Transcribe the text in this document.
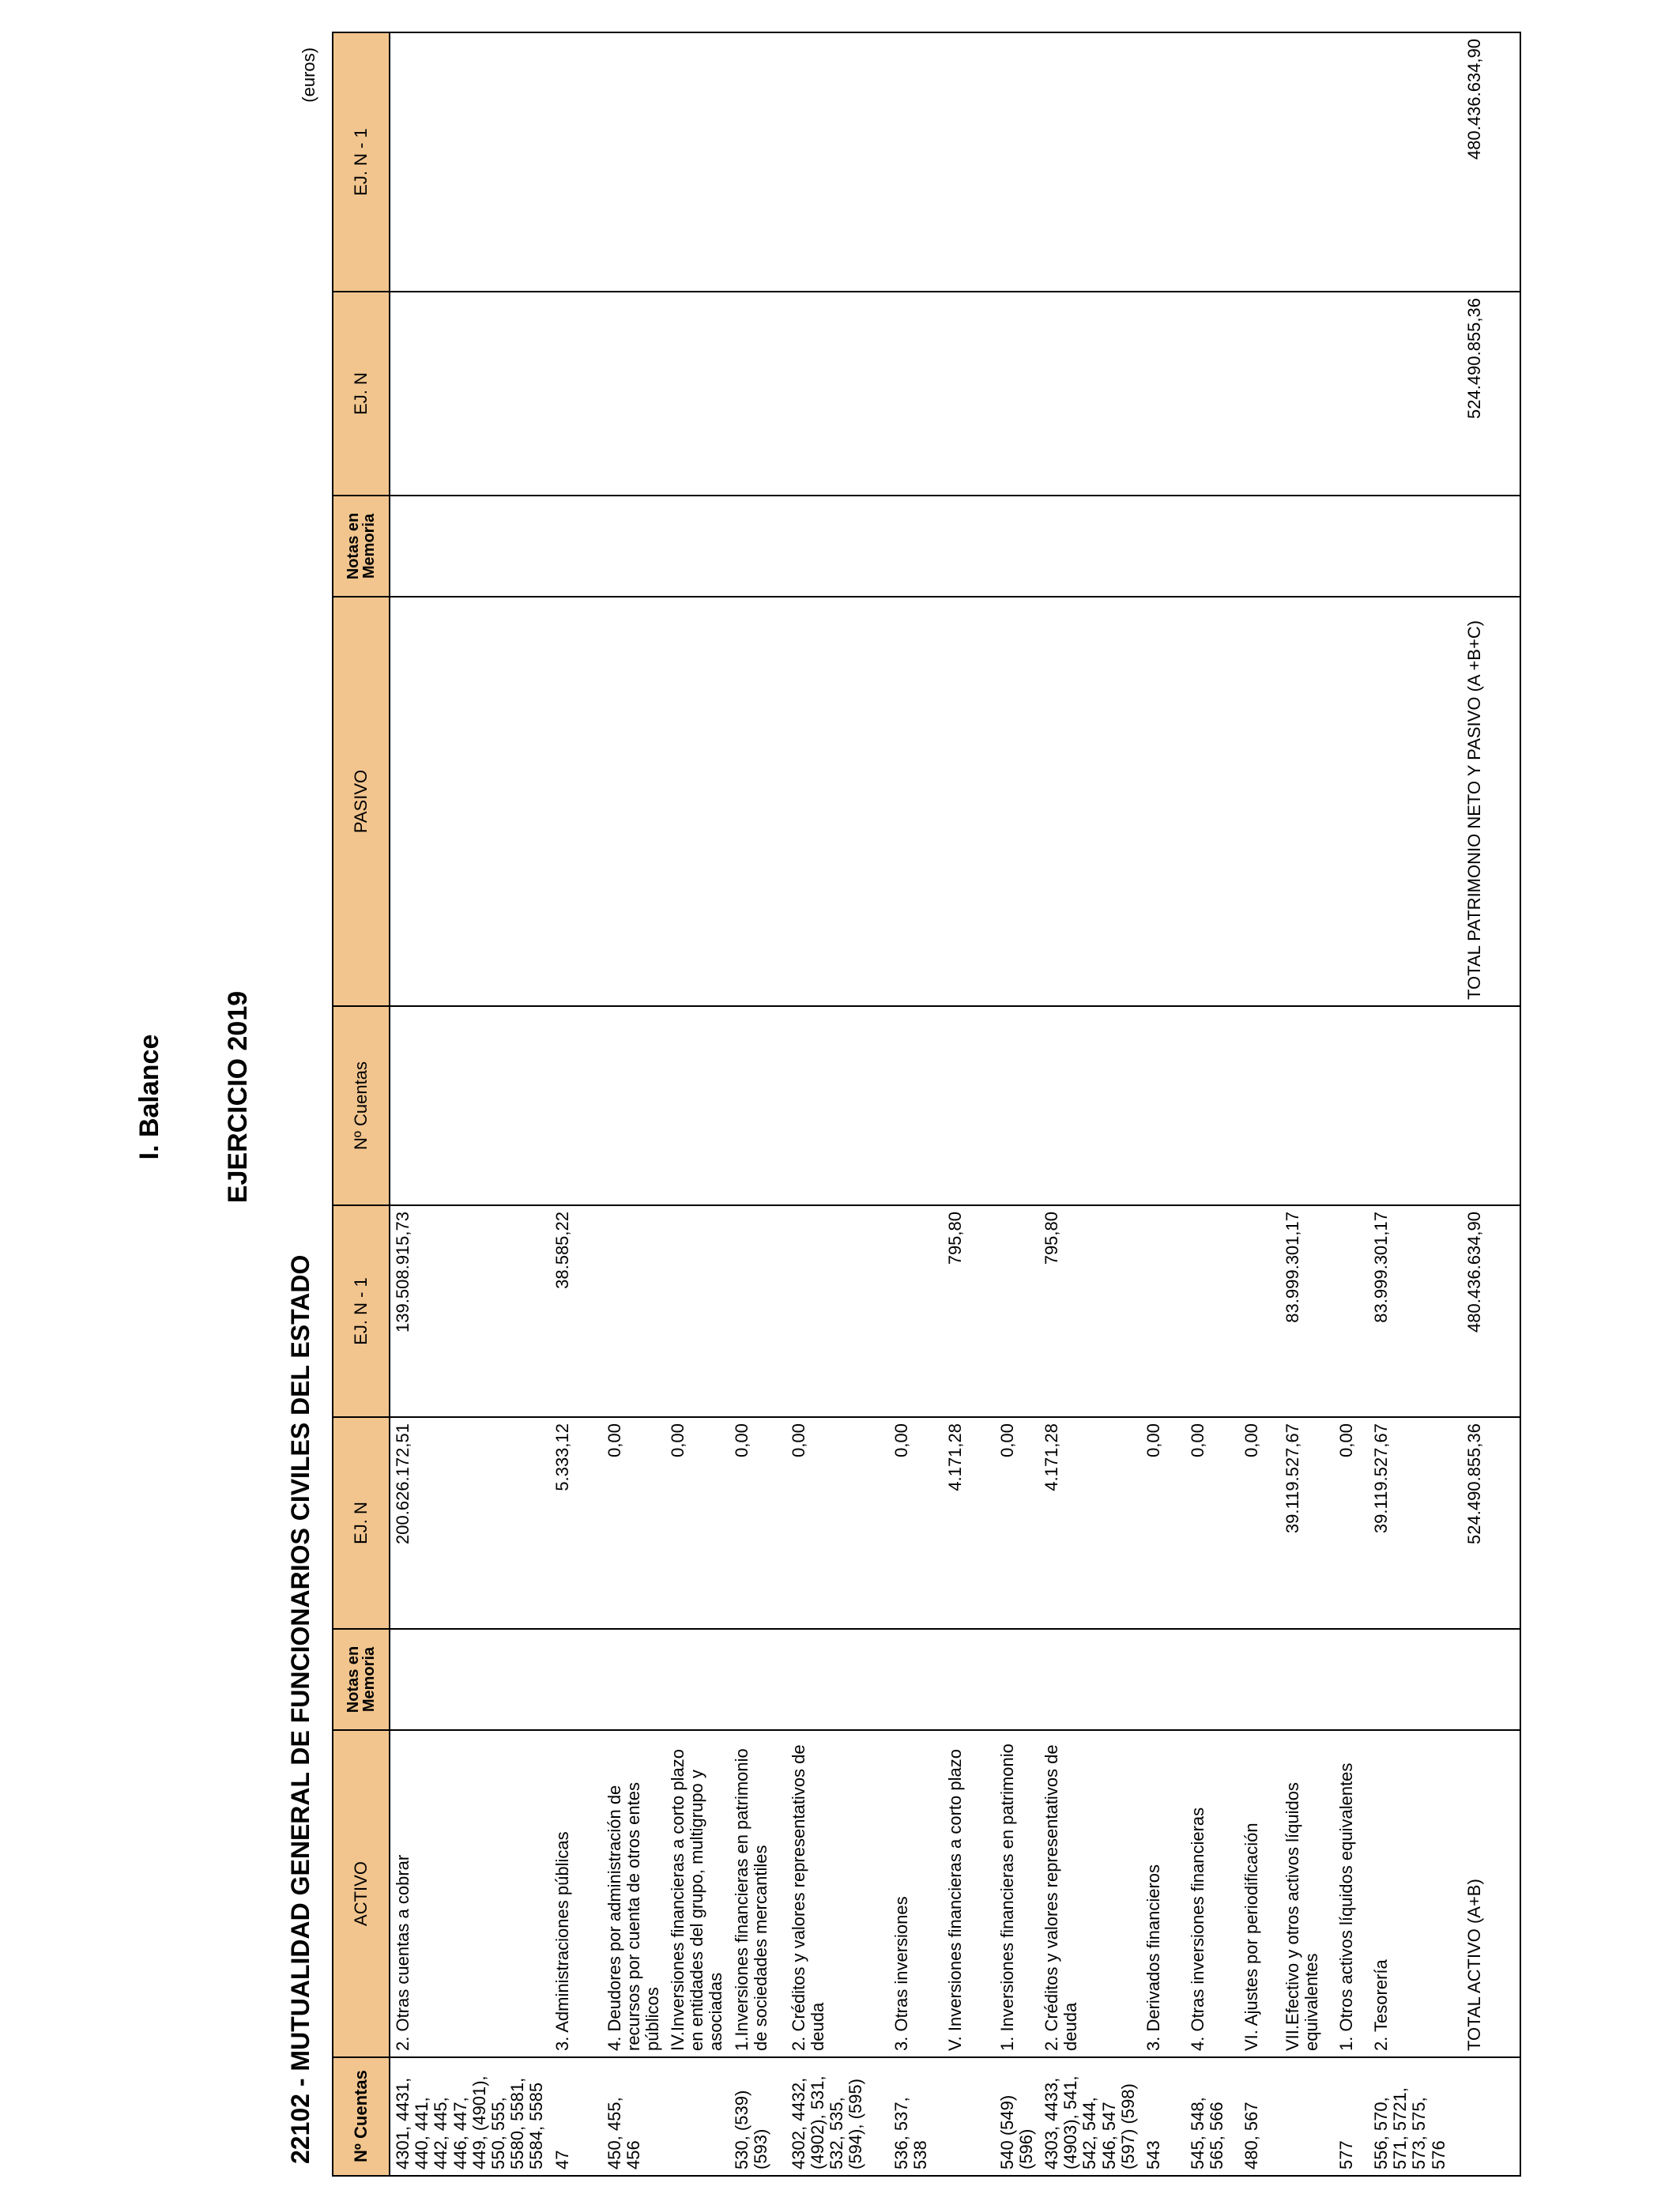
I. Balance EJERCICIO 2019
22102 - MUTUALIDAD GENERAL DE FUNCIONARIOS CIVILES DEL ESTADO
(euros)
Nº Cuentas	ACTIVO	Notas en Memoria	EJ. N	EJ. N - 1	Nº Cuentas	PASIVO	Notas en Memoria	EJ. N	EJ. N - 1
4301, 4431, 440, 441, 442, 445, 446, 447, 449, (4901), 550, 555, 5580, 5581, 5584, 5585	2. Otras cuentas a cobrar		200.626.172,51	139.508.915,73					
47	3. Administraciones públicas		5.333,12	38.585,22					
450, 455, 456	4. Deudores por administración de recursos por cuenta de otros entes públicos		0,00						
	IV.Inversiones financieras a corto plazo en entidades del grupo, multigrupo y asociadas		0,00						
530, (539) (593)	1.Inversiones financieras en patrimonio de sociedades mercantiles		0,00						
4302, 4432, (4902), 531, 532, 535, (594), (595)	2. Créditos y valores representativos de deuda		0,00						
536, 537, 538	3. Otras inversiones		0,00						
	V. Inversiones financieras a corto plazo		4.171,28	795,80					
540 (549) (596)	1. Inversiones financieras en patrimonio		0,00						
4303, 4433, (4903), 541, 542, 544, 546, 547 (597) (598)	2. Créditos y valores representativos de deuda		4.171,28	795,80					
543	3. Derivados financieros		0,00						
545, 548, 565, 566	4. Otras inversiones financieras		0,00						
480, 567	VI. Ajustes por periodificación		0,00						
	VII.Efectivo y otros activos líquidos equivalentes		39.119.527,67	83.999.301,17					
577	1. Otros activos líquidos equivalentes		0,00						
556, 570, 571, 5721, 573, 575, 576	2. Tesorería		39.119.527,67	83.999.301,17					
	TOTAL ACTIVO (A+B)		524.490.855,36	480.436.634,90		TOTAL PATRIMONIO NETO Y PASIVO (A +B+C)		524.490.855,36	480.436.634,90
